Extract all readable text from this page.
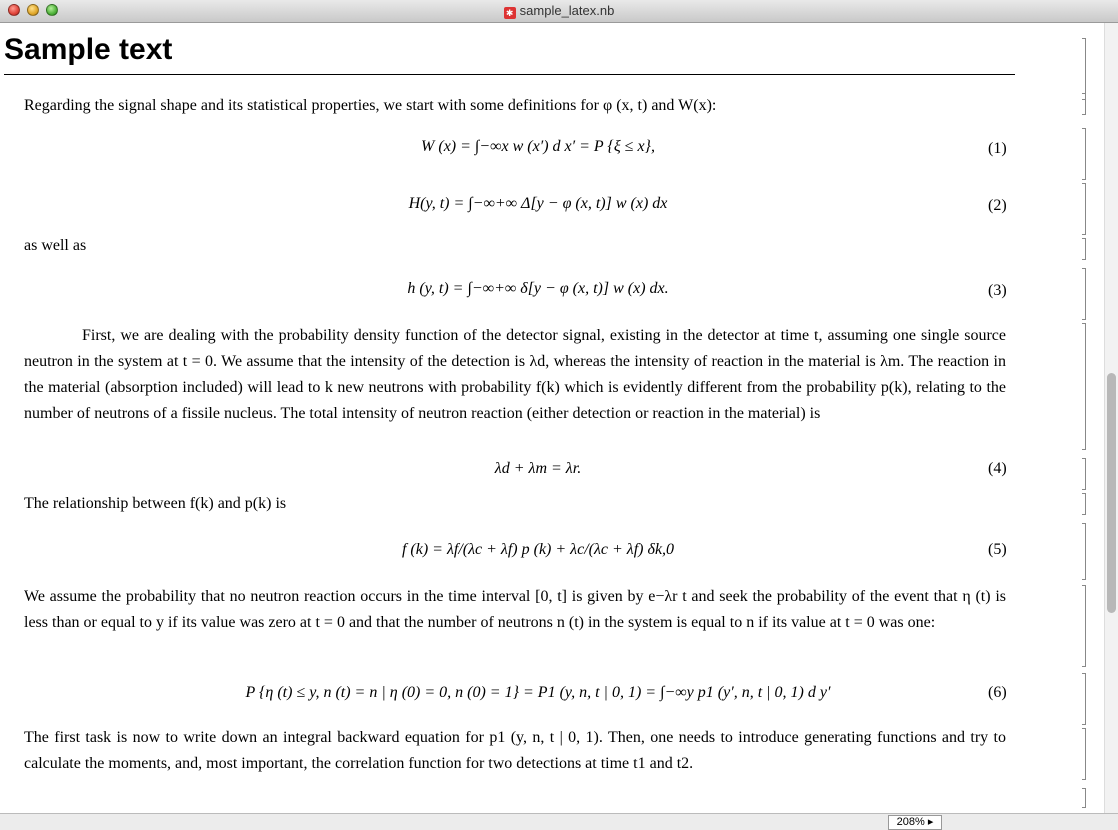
✱ sample_latex.nb
Sample text
Regarding the signal shape and its statistical properties, we start with some definitions for φ (x, t) and W(x):
W (x) = ∫−∞x w (x′) d x′ = P {ξ ≤ x},	(1)
H(y, t) = ∫−∞+∞ Δ[y − φ (x, t)] w (x) dx	(2)
as well as
h (y, t) = ∫−∞+∞ δ[y − φ (x, t)] w (x) dx.	(3)
First, we are dealing with the probability density function of the detector signal, existing in the detector at time t, assuming one single source neutron in the system at t = 0. We assume that the intensity of the detection is λd, whereas the intensity of reaction in the material is λm. The reaction in the material (absorption included) will lead to k new neutrons with probability f(k) which is evidently different from the probability p(k), relating to the number of neutrons of a fissile nucleus. The total intensity of neutron reaction (either detection or reaction in the material) is
λd + λm = λr.	(4)
The relationship between f(k) and p(k) is
f (k) = λf/(λc + λf) p (k) + λc/(λc + λf) δk,0	(5)
We assume the probability that no neutron reaction occurs in the time interval [0, t] is given by e−λr t and seek the probability of the event that η (t) is less than or equal to y if its value was zero at t = 0 and that the number of neutrons n (t) in the system is equal to n if its value at t = 0 was one:
P {η (t) ≤ y, n (t) = n | η (0) = 0, n (0) = 1} = P1 (y, n, t | 0, 1) = ∫−∞y p1 (y′, n, t | 0, 1) d y′	(6)
The first task is now to write down an integral backward equation for p1 (y, n, t | 0, 1). Then, one needs to introduce generating functions and try to calculate the moments, and, most important, the correlation function for two detections at time t1 and t2.
208% ▸
